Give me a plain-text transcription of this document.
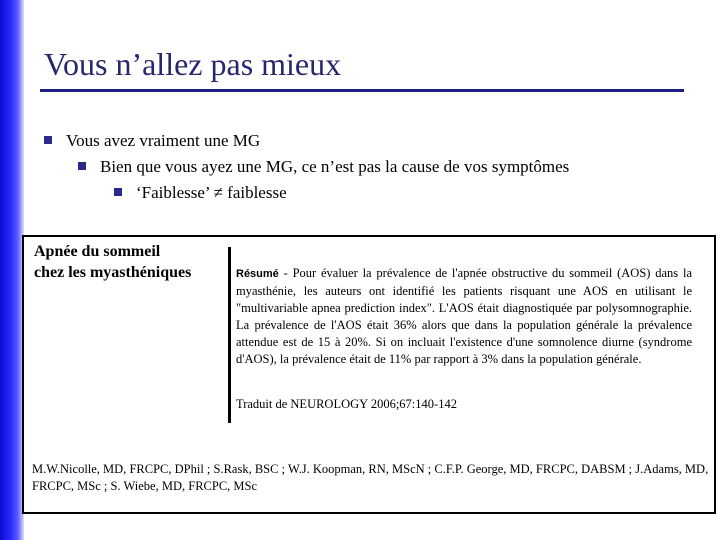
Vous n’allez pas mieux
Vous avez vraiment une MG
Bien que vous ayez une MG, ce n’est pas la cause de vos symptômes
‘Faiblesse’ ≠ faiblesse
Apnée du sommeil
chez les myasthéniques	Résumé - Pour évaluer la prévalence de l'apnée obstructive du sommeil (AOS) dans la myasthénie, les auteurs ont identifié les patients risquant une AOS en utilisant le "multivariable apnea prediction index". L'AOS était diagnostiquée par polysomnographie. La prévalence de l'AOS était 36% alors que dans la population générale la prévalence attendue est de 15 à 20%. Si on incluait l'existence d'une somnolence diurne (syndrome d'AOS), la prévalence était de 11% par rapport à 3% dans la population générale.
Traduit de NEUROLOGY 2006;67:140-142
M.W.Nicolle, MD, FRCPC, DPhil ; S.Rask, BSC ; W.J. Koopman, RN, MScN ; C.F.P. George, MD, FRCPC, DABSM ; J.Adams, MD, FRCPC, MSc ; S. Wiebe, MD, FRCPC, MSc
